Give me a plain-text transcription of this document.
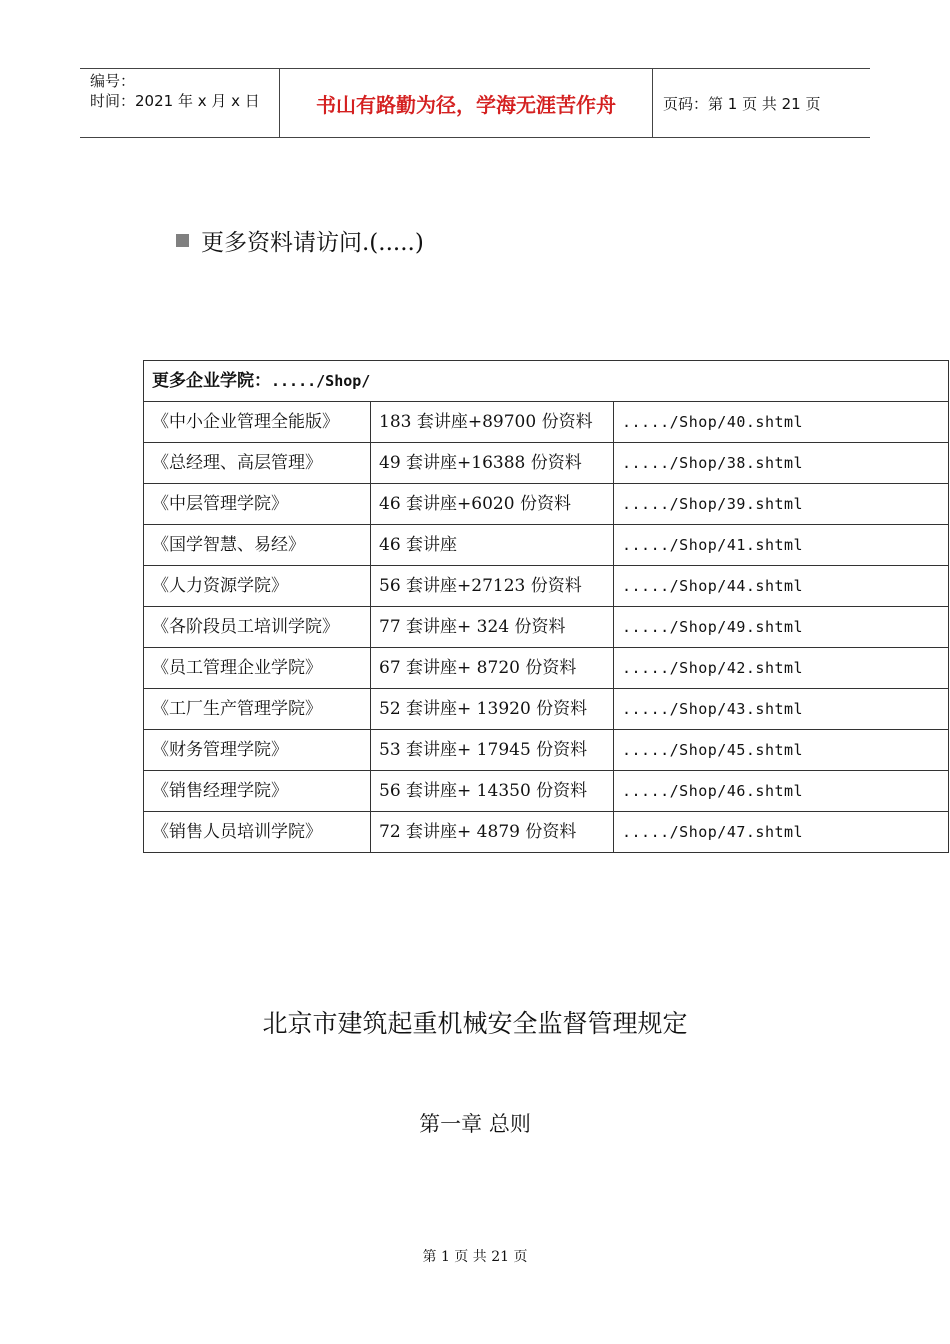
编号：
时间：2021 年 x 月 x 日	书山有路勤为径，学海无涯苦作舟	页码：第 1 页 共 21 页
更多资料请访问.(.....)
更多企业学院：...../Shop/		
《中小企业管理全能版》	183 套讲座+89700 份资料	...../Shop/40.shtml
《总经理、高层管理》	49 套讲座+16388 份资料	...../Shop/38.shtml
《中层管理学院》	46 套讲座+6020 份资料	...../Shop/39.shtml
《国学智慧、易经》	46 套讲座	...../Shop/41.shtml
《人力资源学院》	56 套讲座+27123 份资料	...../Shop/44.shtml
《各阶段员工培训学院》	77 套讲座+ 324 份资料	...../Shop/49.shtml
《员工管理企业学院》	67 套讲座+ 8720 份资料	...../Shop/42.shtml
《工厂生产管理学院》	52 套讲座+ 13920 份资料	...../Shop/43.shtml
《财务管理学院》	53 套讲座+ 17945 份资料	...../Shop/45.shtml
《销售经理学院》	56 套讲座+ 14350 份资料	...../Shop/46.shtml
《销售人员培训学院》	72 套讲座+ 4879 份资料	...../Shop/47.shtml
北京市建筑起重机械安全监督管理规定
第一章 总则
第 1 页 共 21 页
